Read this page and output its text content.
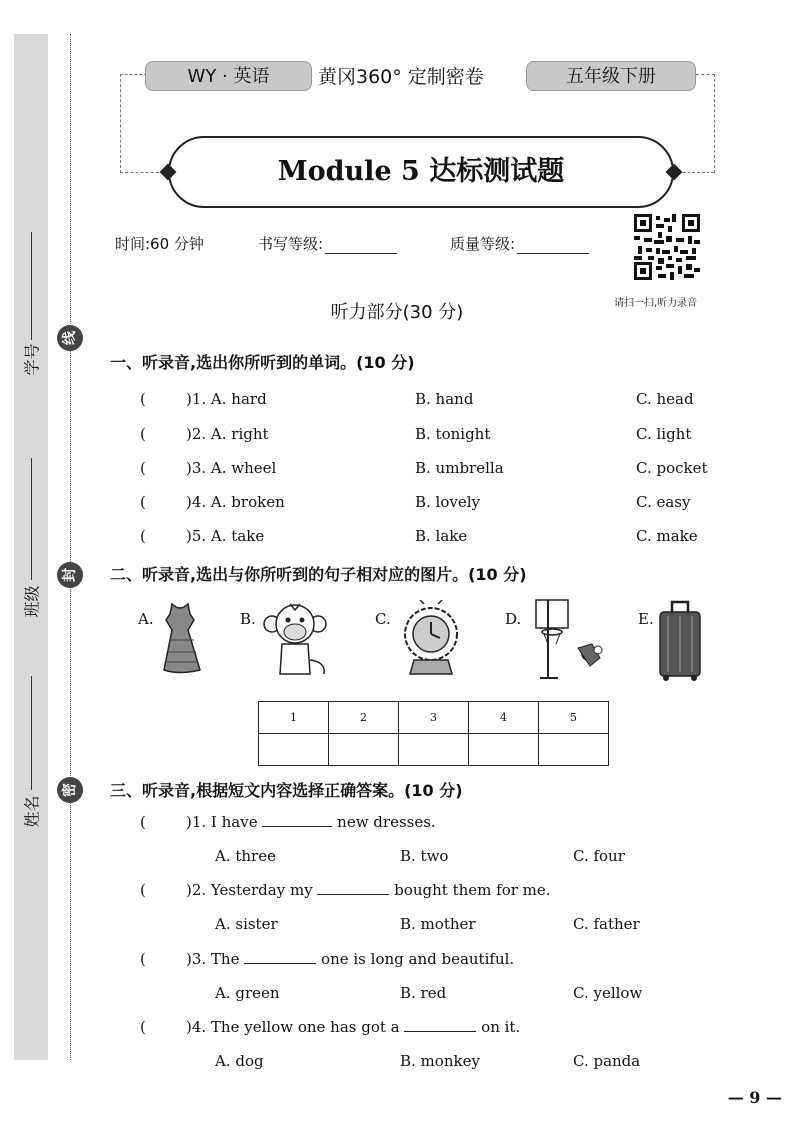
学号
班级
姓名
线
封
密
WY · 英语	黄冈360° 定制密卷	五年级下册
Module 5 达标测试题
时间:60 分钟	书写等级:	质量等级:
请扫一扫,听力录音
听力部分(30 分)
一、听录音,选出你所听到的单词。(10 分)
(	)1. A. hard	B. hand	C. head
(	)2. A. right	B. tonight	C. light
(	)3. A. wheel	B. umbrella	C. pocket
(	)4. A. broken	B. lovely	C. easy
(	)5. A. take	B. lake	C. make
二、听录音,选出与你所听到的句子相对应的图片。(10 分)
A.	B.	C.	D.	E.
1	2	3	4	5

三、听录音,根据短文内容选择正确答案。(10 分)
(	)1. I have	new dresses.
A. three	B. two	C. four
(	)2. Yesterday my	bought them for me.
A. sister	B. mother	C. father
(	)3. The	one is long and beautiful.
A. green	B. red	C. yellow
(	)4. The yellow one has got a	on it.
A. dog	B. monkey	C. panda
— 9 —
